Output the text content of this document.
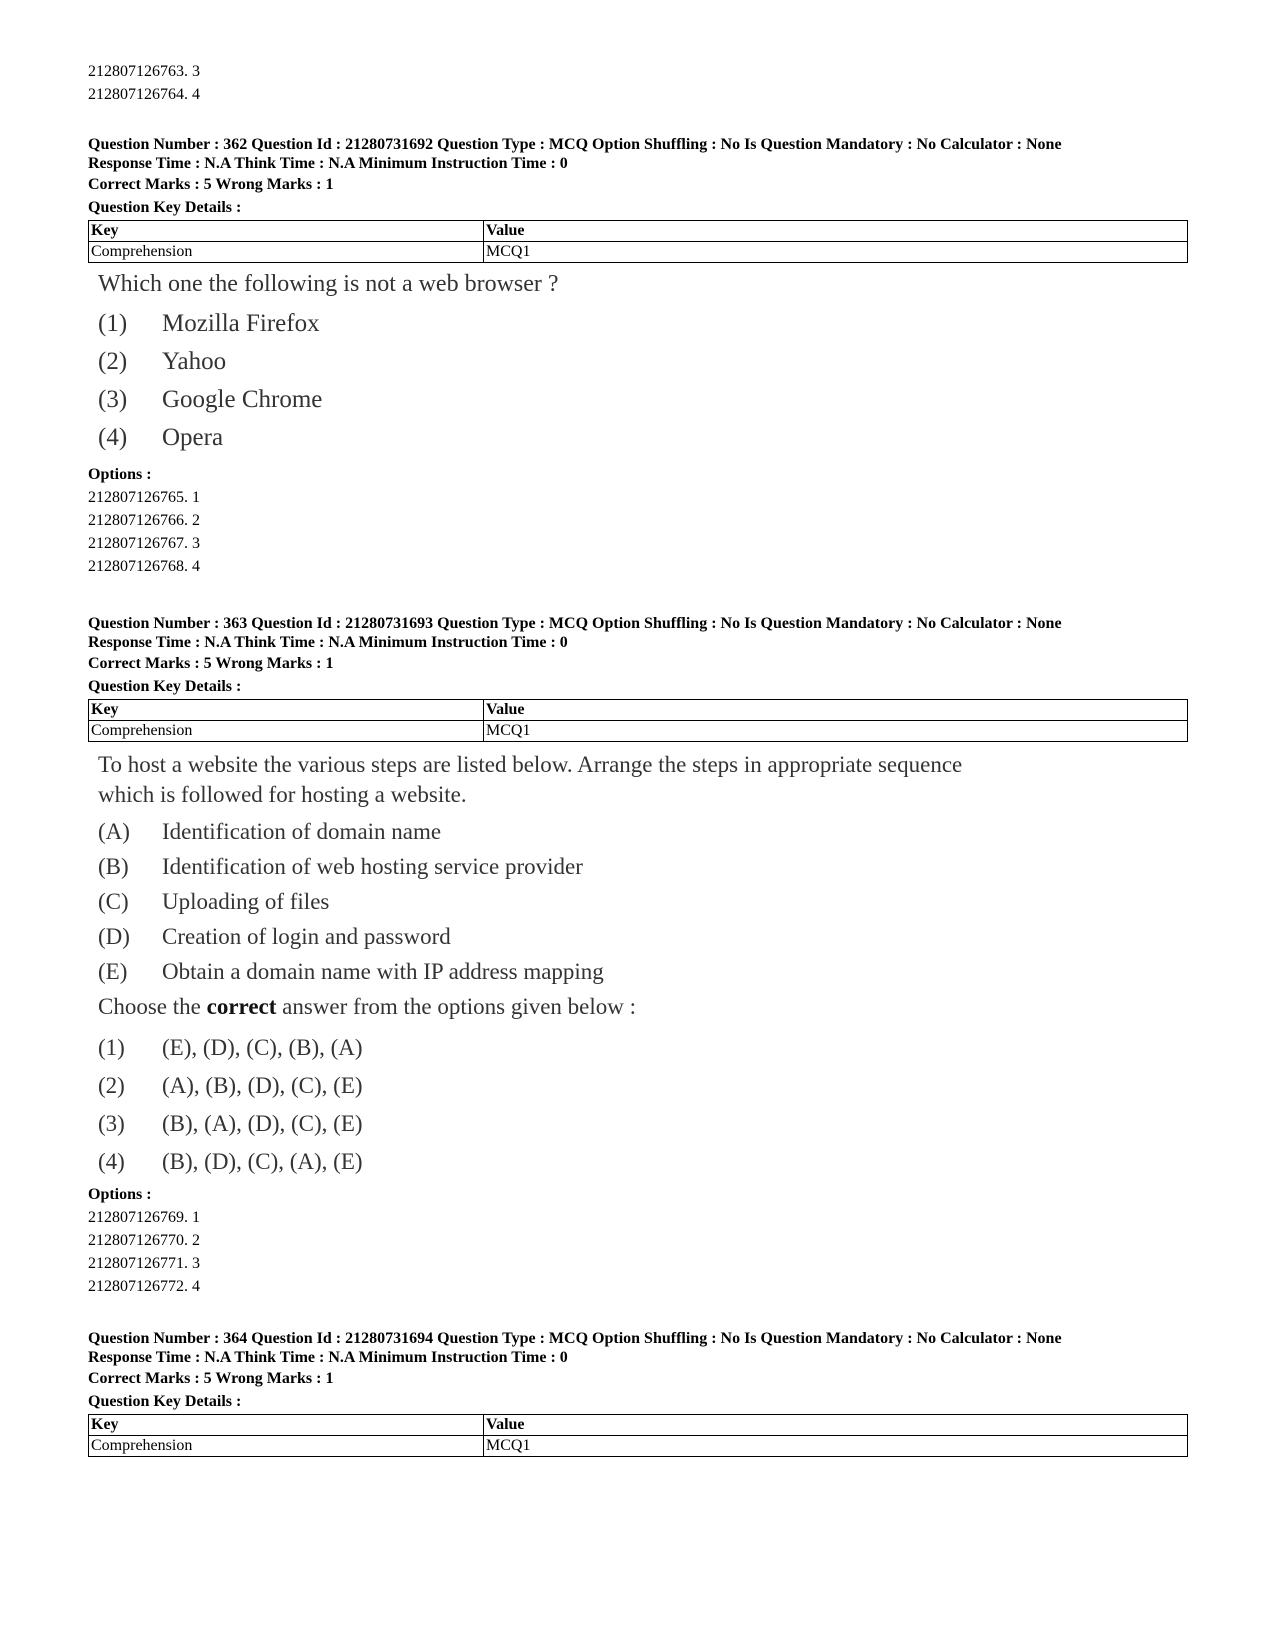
212807126763. 3
212807126764. 4
Question Number : 362 Question Id : 21280731692 Question Type : MCQ Option Shuffling : No Is Question Mandatory : No Calculator : None
Response Time : N.A Think Time : N.A Minimum Instruction Time : 0
Correct Marks : 5 Wrong Marks : 1
Question Key Details :
Key	Value
Comprehension	MCQ1
Which one the following is not a web browser ?
(1)	Mozilla Firefox
(2)	Yahoo
(3)	Google Chrome
(4)	Opera
Options :
212807126765. 1
212807126766. 2
212807126767. 3
212807126768. 4
Question Number : 363 Question Id : 21280731693 Question Type : MCQ Option Shuffling : No Is Question Mandatory : No Calculator : None
Response Time : N.A Think Time : N.A Minimum Instruction Time : 0
Correct Marks : 5 Wrong Marks : 1
Question Key Details :
Key	Value
Comprehension	MCQ1
To host a website the various steps are listed below. Arrange the steps in appropriate sequence
which is followed for hosting a website.
(A)	Identification of domain name
(B)	Identification of web hosting service provider
(C)	Uploading of files
(D)	Creation of login and password
(E)	Obtain a domain name with IP address mapping
Choose the correct answer from the options given below :
(1)	(E), (D), (C), (B), (A)
(2)	(A), (B), (D), (C), (E)
(3)	(B), (A), (D), (C), (E)
(4)	(B), (D), (C), (A), (E)
Options :
212807126769. 1
212807126770. 2
212807126771. 3
212807126772. 4
Question Number : 364 Question Id : 21280731694 Question Type : MCQ Option Shuffling : No Is Question Mandatory : No Calculator : None
Response Time : N.A Think Time : N.A Minimum Instruction Time : 0
Correct Marks : 5 Wrong Marks : 1
Question Key Details :
Key	Value
Comprehension	MCQ1
